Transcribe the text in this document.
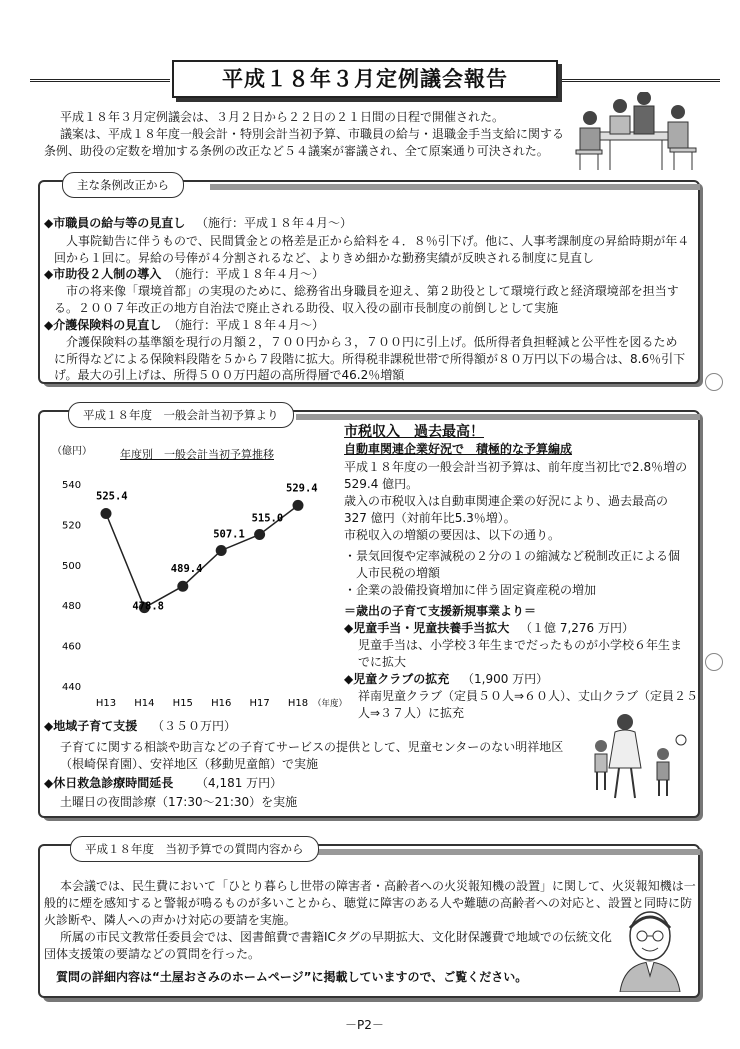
平成１８年３月定例議会報告
平成１８年３月定例議会は、３月２日から２２日の２１日間の日程で開催された。
議案は、平成１８年度一般会計・特別会計当初予算、市職員の給与・退職金手当支給に関する
条例、助役の定数を増加する条例の改正など５４議案が審議され、全て原案通り可決された。
主な条例改正から
◆市職員の給与等の見直し （施行：平成１８年４月～）
人事院勧告に伴うもので、民間賃金との格差是正から給料を４．８％引下げ。他に、人事考課制度の昇給時期が年４
回から１回に。昇給の号俸が４分割されるなど、よりきめ細かな勤務実績が反映される制度に見直し
◆市助役２人制の導入 （施行：平成１８年４月～）
市の将来像「環境首都」の実現のために、総務省出身職員を迎え、第２助役として環境行政と経済環境部を担当す
る。２００７年改正の地方自治法で廃止される助役、収入役の副市長制度の前倒しとして実施
◆介護保険料の見直し （施行：平成１８年４月～）
介護保険料の基準額を現行の月額２，７００円から３，７００円に引上げ。低所得者負担軽減と公平性を図るため
に所得などによる保険料段階を５から７段階に拡大。所得税非課税世帯で所得額が８０万円以下の場合は、8.6％引下
げ。最大の引上げは、所得５００万円超の高所得層で46.2％増額
平成１８年度　一般会計当初予算より
年度別　一般会計当初予算推移
（億円）
540
520
500
480
460
440
525.4
478.8
489.4
507.1
515.0
529.4
H13 H14 H15 H16 H17 H18 （年度）
市税収入　過去最高！
自動車関連企業好況で　積極的な予算編成
平成１８年度の一般会計当初予算は、前年度当初比で2.8％増の
529.4 億円。
歳入の市税収入は自動車関連企業の好況により、過去最高の
327 億円（対前年比5.3％増）。
市税収入の増額の要因は、以下の通り。
・景気回復や定率減税の２分の１の縮減など税制改正による個
　人市民税の増額
・企業の設備投資増加に伴う固定資産税の増加
＝歳出の子育て支援新規事業より＝
◆児童手当・児童扶養手当拡大 （１億 7,276 万円）
児童手当は、小学校３年生までだったものが小学校６年生ま
でに拡大
◆児童クラブの拡充 （1,900 万円）
祥南児童クラブ（定員５０人⇒６０人）、丈山クラブ（定員２５
人⇒３７人）に拡充
◆地域子育て支援 （３５０万円）
子育てに関する相談や助言などの子育てサービスの提供として、児童センターのない明祥地区
（根崎保育園）、安祥地区（移動児童館）で実施
◆休日救急診療時間延長 （4,181 万円）
土曜日の夜間診療（17:30～21:30）を実施
平成１８年度　当初予算での質問内容から
本会議では、民生費において「ひとり暮らし世帯の障害者・高齢者への火災報知機の設置」に関して、火災報知機は一
般的に煙を感知すると警報が鳴るものが多いことから、聴覚に障害のある人や難聴の高齢者への対応と、設置と同時に防
火診断や、隣人への声かけ対応の要請を実施。
所属の市民文教常任委員会では、図書館費で書籍ICタグの早期拡大、文化財保護費で地域での伝統文化
団体支援策の要請などの質問を行った。
質問の詳細内容は“土屋おさみのホームページ”に掲載していますので、ご覧ください。
－P2－
